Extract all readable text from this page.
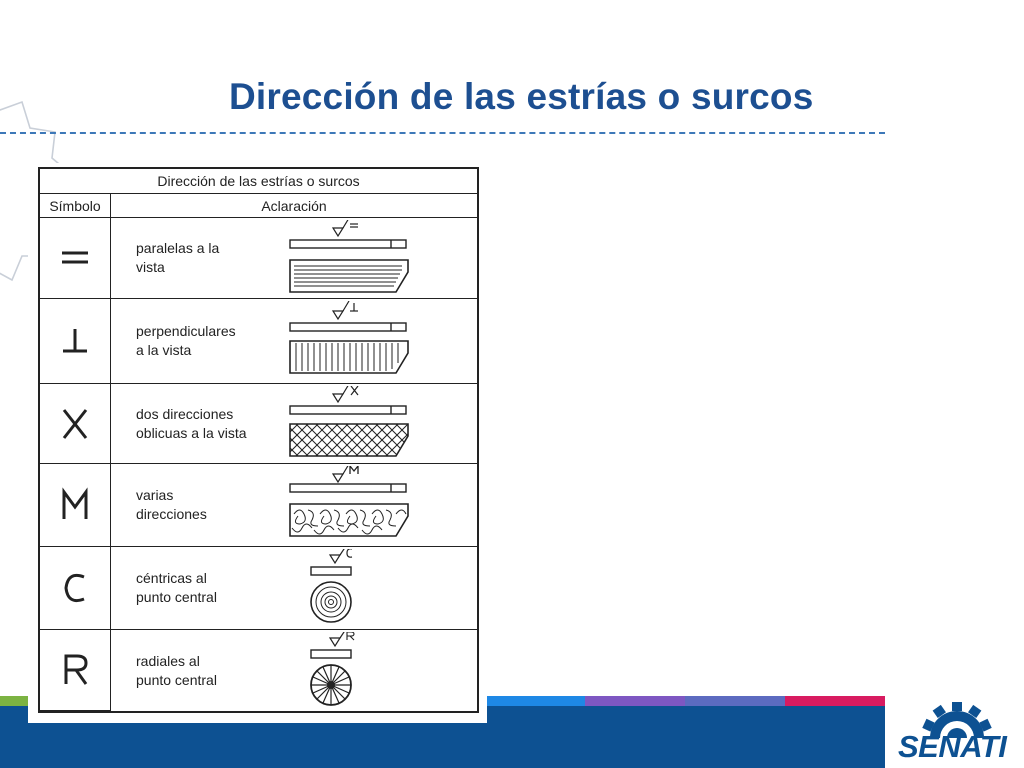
Dirección de las estrías o surcos

SENATI

Dirección de las estrías o surcos
Símbolo	Aclaración
paralelas a la
vista
perpendiculares
a la vista
dos direcciones
oblicuas a la vista
varias
direcciones
céntricas al
punto central
radiales al
punto central
